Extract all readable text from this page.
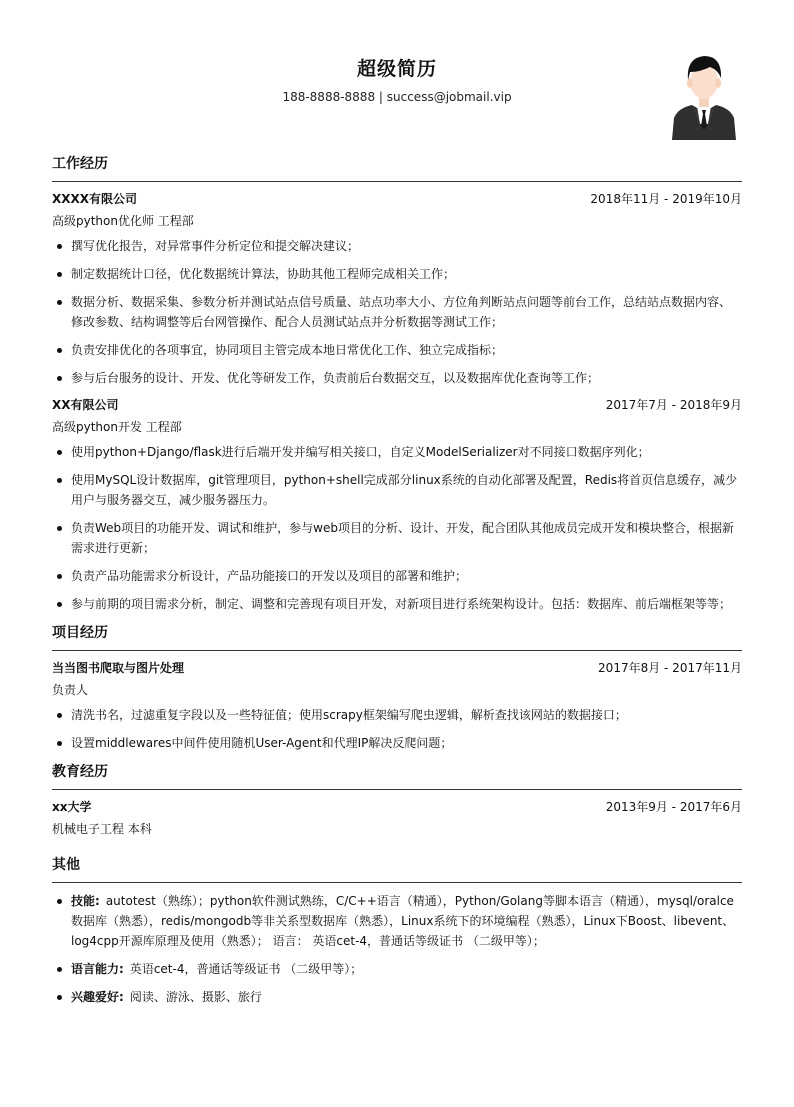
超级简历
188-8888-8888 | success@jobmail.vip
工作经历
XXXX有限公司	2018年11月 - 2019年10月
高级python优化师 工程部
撰写优化报告，对异常事件分析定位和提交解决建议；
制定数据统计口径，优化数据统计算法，协助其他工程师完成相关工作；
数据分析、数据采集、参数分析并测试站点信号质量、站点功率大小、方位角判断站点问题等前台工作，总结站点数据内容、修改参数、结构调整等后台网管操作、配合人员测试站点并分析数据等测试工作；
负责安排优化的各项事宜，协同项目主管完成本地日常优化工作、独立完成指标；
参与后台服务的设计、开发、优化等研发工作，负责前后台数据交互，以及数据库优化查询等工作；
XX有限公司	2017年7月 - 2018年9月
高级python开发 工程部
使用python+Django/flask进行后端开发并编写相关接口，自定义ModelSerializer对不同接口数据序列化；
使用MySQL设计数据库，git管理项目，python+shell完成部分linux系统的自动化部署及配置，Redis将首页信息缓存，减少用户与服务器交互，减少服务器压力。
负责Web项目的功能开发、调试和维护，参与web项目的分析、设计、开发，配合团队其他成员完成开发和模块整合，根据新需求进行更新；
负责产品功能需求分析设计，产品功能接口的开发以及项目的部署和维护；
参与前期的项目需求分析，制定、调整和完善现有项目开发，对新项目进行系统架构设计。包括：数据库、前后端框架等等；
项目经历
当当图书爬取与图片处理	2017年8月 - 2017年11月
负责人
清洗书名，过滤重复字段以及一些特征值；使用scrapy框架编写爬虫逻辑，解析查找该网站的数据接口；
设置middlewares中间件使用随机User-Agent和代理IP解决反爬问题；
教育经历
xx大学	2013年9月 - 2017年6月
机械电子工程 本科
其他
技能: autotest（熟练）；python软件测试熟练，C/C++语言（精通），Python/Golang等脚本语言（精通），mysql/oralce数据库（熟悉），redis/mongodb等非关系型数据库（熟悉），Linux系统下的环境编程（熟悉），Linux下Boost、libevent、log4cpp开源库原理及使用（熟悉）； 语言： 英语cet-4，普通话等级证书 （二级甲等）；
语言能力: 英语cet-4，普通话等级证书 （二级甲等）；
兴趣爱好: 阅读、游泳、摄影、旅行
